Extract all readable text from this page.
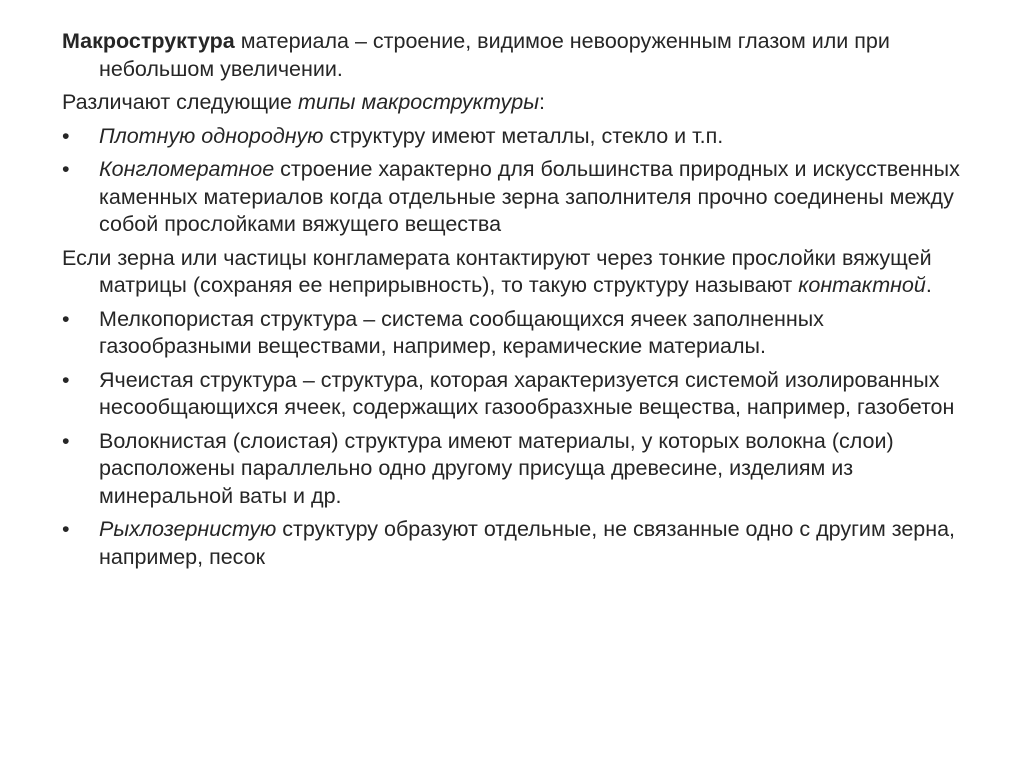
Макроструктура материала – строение, видимое невооруженным глазом или при небольшом увеличении.

Различают следующие типы макроструктуры:

•	Плотную однородную структуру имеют металлы, стекло и т.п.
•	Конгломератное строение характерно для большинства природных и искусственных каменных материалов когда отдельные зерна заполнителя прочно соединены между собой прослойками вяжущего вещества

Если зерна или частицы конгламерата контактируют через тонкие прослойки вяжущей матрицы (сохраняя ее неприрывность), то такую структуру называют контактной.

•	Мелкопористая структура – система сообщающихся ячеек заполненных газообразными веществами, например, керамические материалы.
•	Ячеистая структура – структура, которая характеризуется системой изолированных несообщающихся ячеек, содержащих газообразхные вещества, например, газобетон
•	Волокнистая (слоистая) структура имеют материалы, у которых волокна (слои) расположены параллельно одно другому присуща древесине, изделиям из минеральной ваты и др.
•	Рыхлозернистую структуру образуют отдельные, не связанные одно с другим зерна, например, песок
